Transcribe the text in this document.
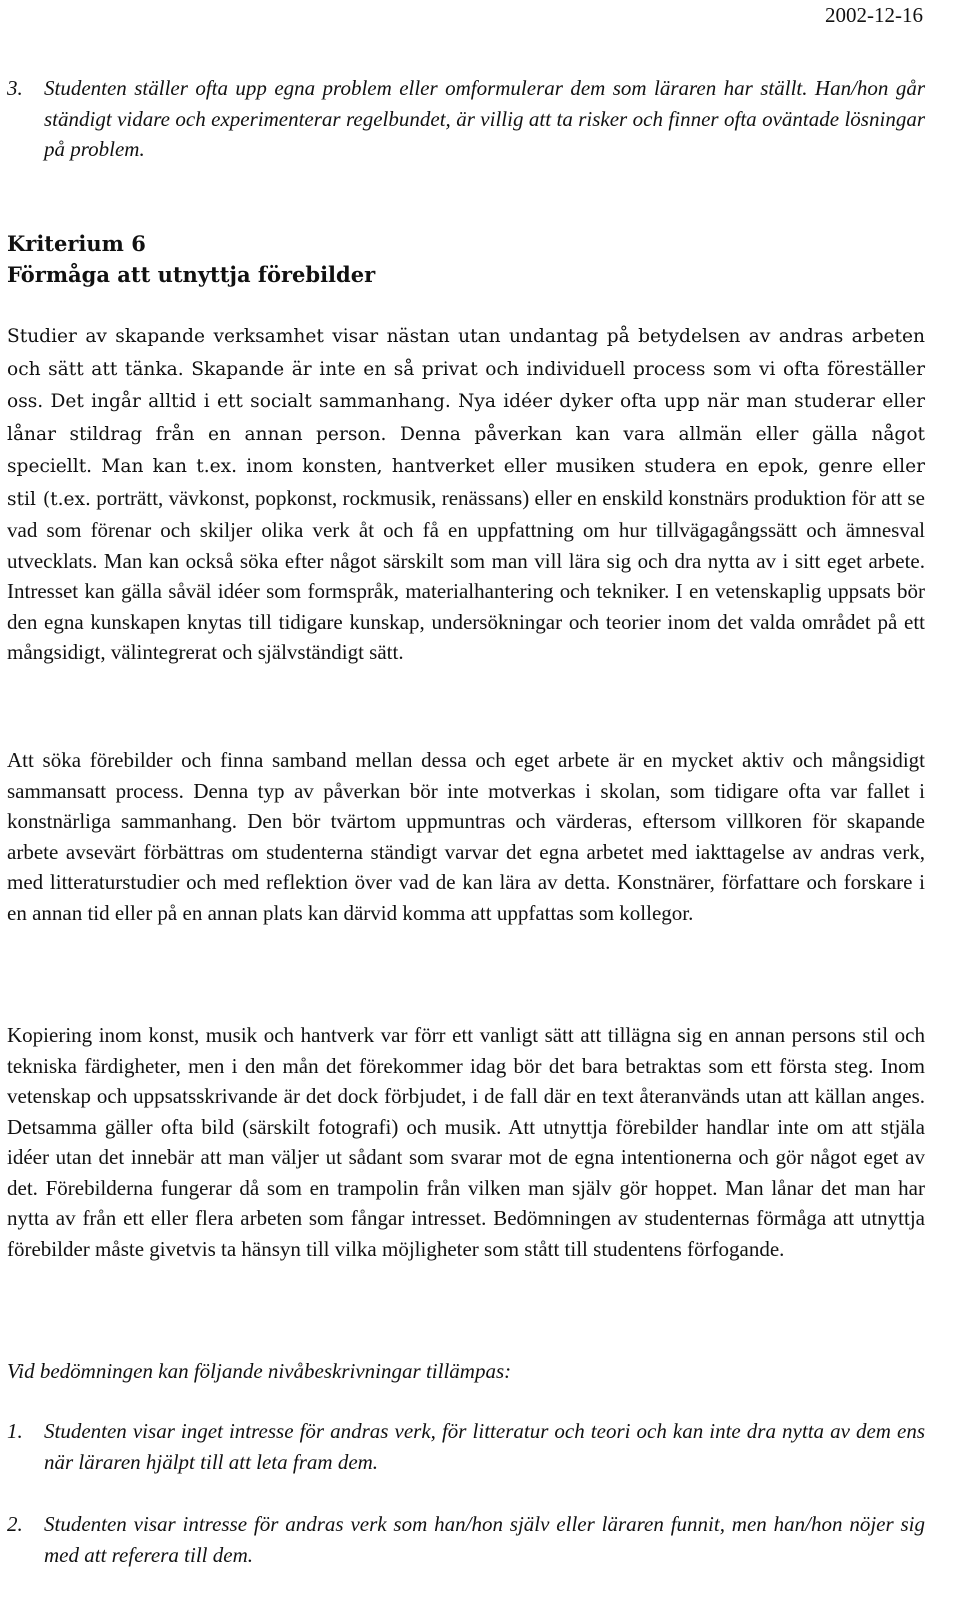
2002-12-16

3. Studenten ställer ofta upp egna problem eller omformulerar dem som läraren har ställt. Han/hon går ständigt vidare och experimenterar regelbundet, är villig att ta risker och finner ofta oväntade lösningar på problem.

Kriterium 6

Förmåga att utnyttja förebilder

Studier av skapande verksamhet visar nästan utan undantag på betydelsen av andras arbeten och sätt att tänka. Skapande är inte en så privat och individuell process som vi ofta föreställer oss. Det ingår alltid i ett socialt sammanhang. Nya idéer dyker ofta upp när man studerar eller lånar stildrag från en annan person. Denna påverkan kan vara allmän eller gälla något speciellt. Man kan t.ex. inom konsten, hantverket eller musiken studera en epok, genre eller stil (t.ex. porträtt, vävkonst, popkonst, rockmusik, renässans) eller en enskild konstnärs produktion för att se vad som förenar och skiljer olika verk åt och få en uppfattning om hur tillvägagångssätt och ämnesval utvecklats. Man kan också söka efter något särskilt som man vill lära sig och dra nytta av i sitt eget arbete. Intresset kan gälla såväl idéer som formspråk, materialhantering och tekniker. I en vetenskaplig uppsats bör den egna kunskapen knytas till tidigare kunskap, undersökningar och teorier inom det valda området på ett mångsidigt, välintegrerat och självständigt sätt.

Att söka förebilder och finna samband mellan dessa och eget arbete är en mycket aktiv och mångsidigt sammansatt process. Denna typ av påverkan bör inte motverkas i skolan, som tidigare ofta var fallet i konstnärliga sammanhang. Den bör tvärtom uppmuntras och värderas, eftersom villkoren för skapande arbete avsevärt förbättras om studenterna ständigt varvar det egna arbetet med iakttagelse av andras verk, med litteraturstudier och med reflektion över vad de kan lära av detta. Konstnärer, författare och forskare i en annan tid eller på en annan plats kan därvid komma att uppfattas som kollegor.

Kopiering inom konst, musik och hantverk var förr ett vanligt sätt att tillägna sig en annan persons stil och tekniska färdigheter, men i den mån det förekommer idag bör det bara betraktas som ett första steg. Inom vetenskap och uppsatsskrivande är det dock förbjudet, i de fall där en text återanvänds utan att källan anges. Detsamma gäller ofta bild (särskilt fotografi) och musik. Att utnyttja förebilder handlar inte om att stjäla idéer utan det innebär att man väljer ut sådant som svarar mot de egna intentionerna och gör något eget av det. Förebilderna fungerar då som en trampolin från vilken man själv gör hoppet. Man lånar det man har nytta av från ett eller flera arbeten som fångar intresset. Bedömningen av studenternas förmåga att utnyttja förebilder måste givetvis ta hänsyn till vilka möjligheter som stått till studentens förfogande.

Vid bedömningen kan följande nivåbeskrivningar tillämpas:

1. Studenten visar inget intresse för andras verk, för litteratur och teori och kan inte dra nytta av dem ens när läraren hjälpt till att leta fram dem.

2. Studenten visar intresse för andras verk som han/hon själv eller läraren funnit, men han/hon nöjer sig med att referera till dem.
